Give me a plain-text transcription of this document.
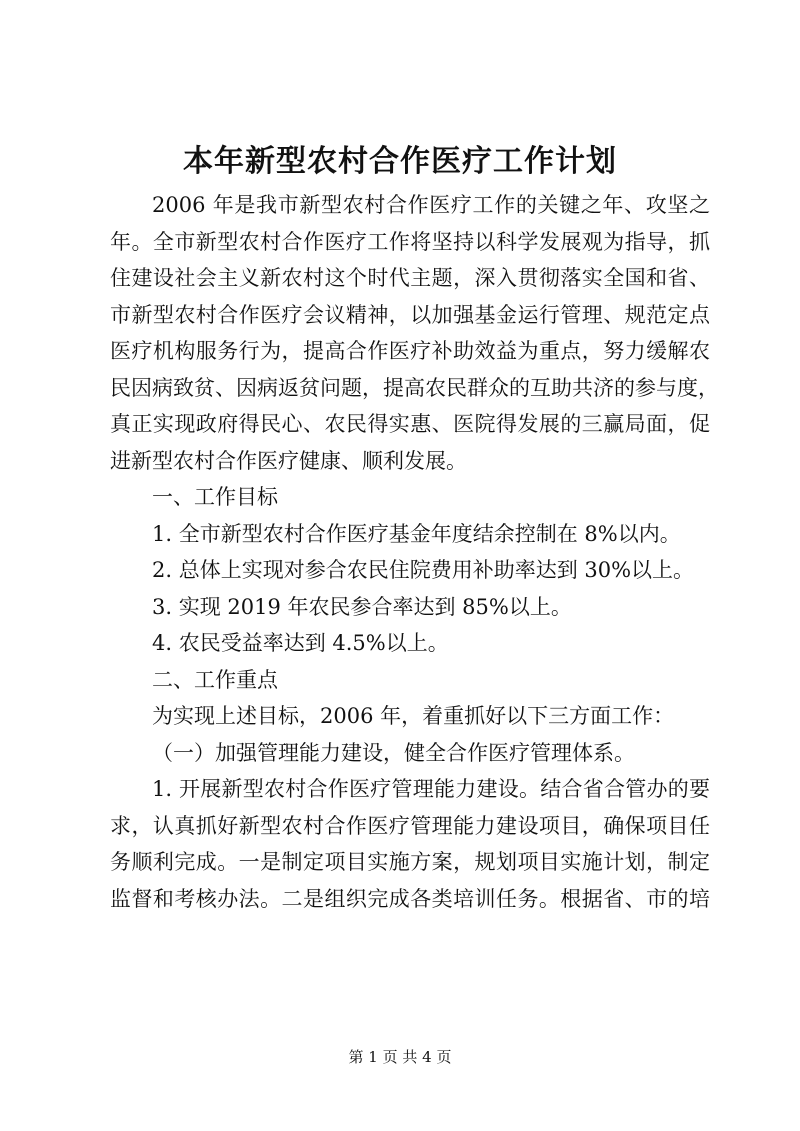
本年新型农村合作医疗工作计划
2006 年是我市新型农村合作医疗工作的关键之年、攻坚之
年。全市新型农村合作医疗工作将坚持以科学发展观为指导，抓
住建设社会主义新农村这个时代主题，深入贯彻落实全国和省、
市新型农村合作医疗会议精神，以加强基金运行管理、规范定点
医疗机构服务行为，提高合作医疗补助效益为重点，努力缓解农
民因病致贫、因病返贫问题，提高农民群众的互助共济的参与度，
真正实现政府得民心、农民得实惠、医院得发展的三赢局面，促
进新型农村合作医疗健康、顺利发展。
一、工作目标
1. 全市新型农村合作医疗基金年度结余控制在 8%以内。
2. 总体上实现对参合农民住院费用补助率达到 30%以上。
3. 实现 2019 年农民参合率达到 85%以上。
4. 农民受益率达到 4.5%以上。
二、工作重点
为实现上述目标，2006 年，着重抓好以下三方面工作：
（一）加强管理能力建设，健全合作医疗管理体系。
1. 开展新型农村合作医疗管理能力建设。结合省合管办的要
求，认真抓好新型农村合作医疗管理能力建设项目，确保项目任
务顺利完成。一是制定项目实施方案，规划项目实施计划，制定
监督和考核办法。二是组织完成各类培训任务。根据省、市的培
第 1 页 共 4 页
